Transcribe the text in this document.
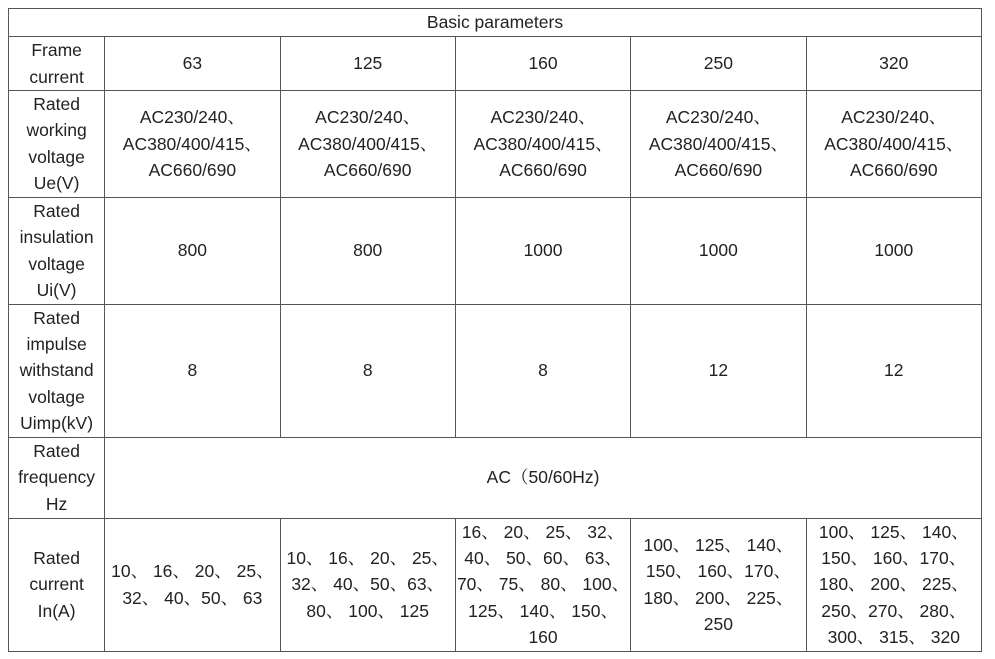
Basic parameters					

Frame
current	63	125	160	250	320

Rated
working
voltage
Ue(V)	AC230/240、
AC380/400/415、
AC660/690	AC230/240、
AC380/400/415、
AC660/690	AC230/240、
AC380/400/415、
AC660/690	AC230/240、
AC380/400/415、
AC660/690	AC230/240、
AC380/400/415、
AC660/690

Rated
insulation
voltage
Ui(V)	800	800	1000	1000	1000

Rated
impulse
withstand
voltage
Uimp(kV)	8	8	8	12	12

Rated
frequency
Hz	AC（50/60Hz)				

Rated
current
In(A)	10、 16、 20、 25、
32、 40、50、 63	10、 16、 20、 25、
32、 40、50、63、
80、 100、 125	16、 20、 25、 32、
40、 50、60、 63、
70、 75、 80、 100、
125、 140、 150、
160	100、 125、 140、
150、 160、170、
180、 200、 225、
250	100、 125、 140、
150、 160、170、
180、 200、 225、
250、270、 280、
300、 315、 320
